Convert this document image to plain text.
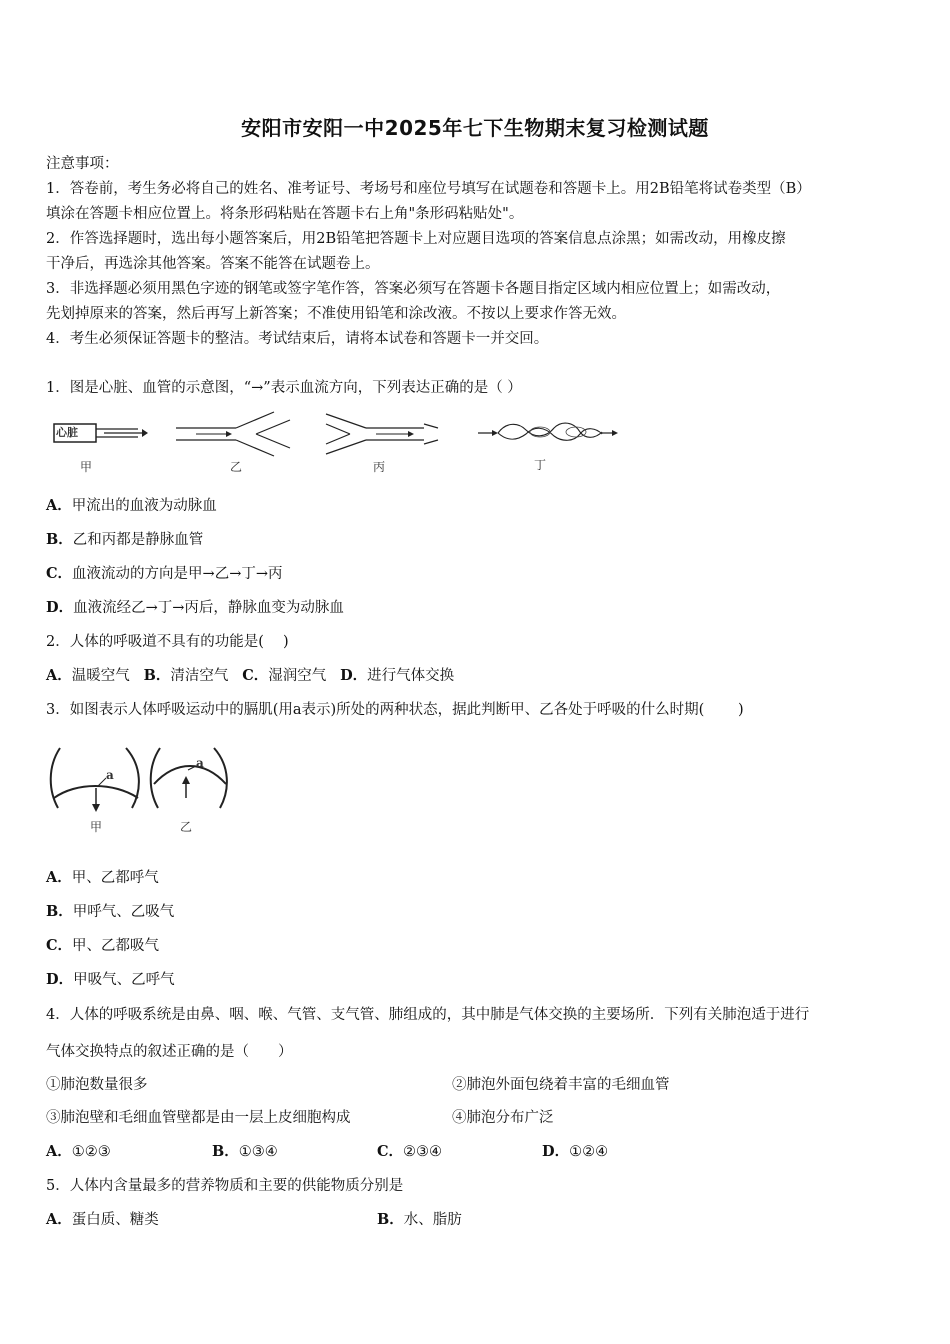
安阳市安阳一中2025年七下生物期末复习检测试题
注意事项：
1．答卷前，考生务必将自己的姓名、准考证号、考场号和座位号填写在试题卷和答题卡上。用2B铅笔将试卷类型（B）
填涂在答题卡相应位置上。将条形码粘贴在答题卡右上角"条形码粘贴处"。
2．作答选择题时，选出每小题答案后，用2B铅笔把答题卡上对应题目选项的答案信息点涂黑；如需改动，用橡皮擦
干净后，再选涂其他答案。答案不能答在试题卷上。
3．非选择题必须用黑色字迹的钢笔或签字笔作答，答案必须写在答题卡各题目指定区域内相应位置上；如需改动，
先划掉原来的答案，然后再写上新答案；不准使用铅笔和涂改液。不按以上要求作答无效。
4．考生必须保证答题卡的整洁。考试结束后，请将本试卷和答题卡一并交回。
1．图是心脏、血管的示意图，“→”表示血流方向，下列表达正确的是（ ）
心脏
甲	乙	丙	丁
A．甲流出的血液为动脉血
B．乙和丙都是静脉血管
C．血液流动的方向是甲→乙→丁→丙
D．血液流经乙→丁→丙后，静脉血变为动脉血
2．人体的呼吸道不具有的功能是(　 )
A．温暖空气 B．清洁空气 C．湿润空气 D．进行气体交换
3．如图表示人体呼吸运动中的膈肌(用a表示)所处的两种状态，据此判断甲、乙各处于呼吸的什么时期(　　 )
a
a
甲	乙
A．甲、乙都呼气
B．甲呼气、乙吸气
C．甲、乙都吸气
D．甲吸气、乙呼气
4．人体的呼吸系统是由鼻、咽、喉、气管、支气管、肺组成的，其中肺是气体交换的主要场所．下列有关肺泡适于进行
气体交换特点的叙述正确的是（　　）
①肺泡数量很多	②肺泡外面包绕着丰富的毛细血管
③肺泡壁和毛细血管壁都是由一层上皮细胞构成	④肺泡分布广泛
A．①②③	B．①③④	C．②③④	D．①②④
5．人体内含量最多的营养物质和主要的供能物质分别是
A．蛋白质、糖类	B．水、脂肪
